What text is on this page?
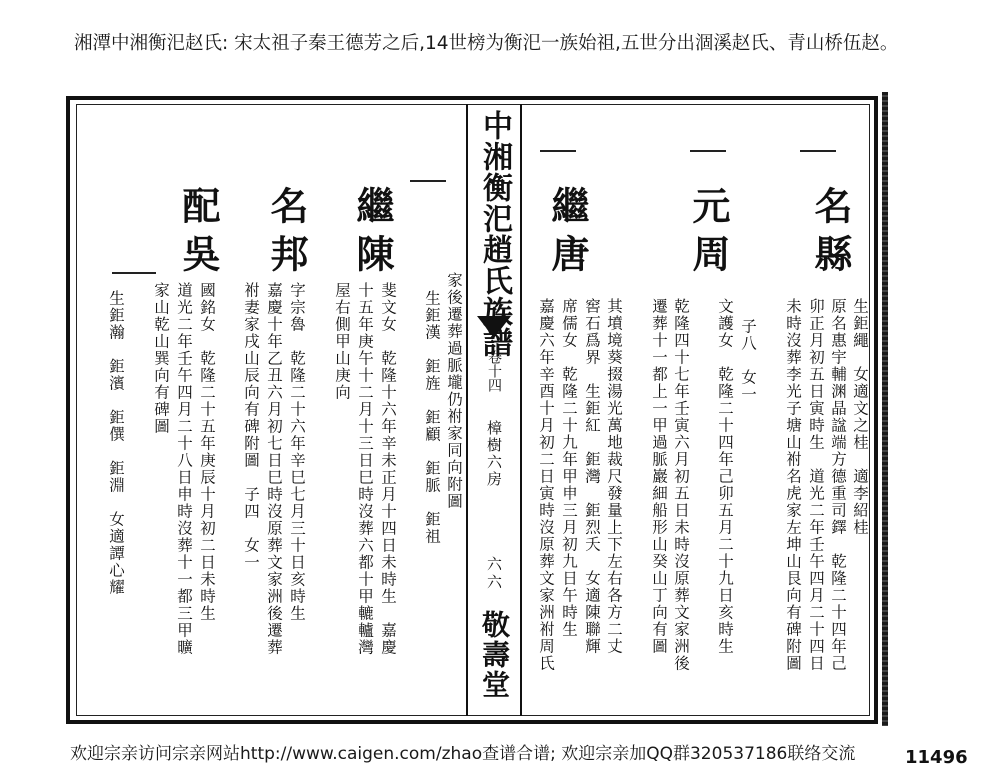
湘潭中湘衡汜赵氏: 宋太祖子秦王德芳之后,14世榜为衡汜一族始祖,五世分出涸溪赵氏、青山桥伍赵。
中湘衡汜趙氏族譜
卷十四
樟樹六房
六六
敬壽堂
名縣
元周
繼唐
生鉅繩　女適文之桂　適李紹桂
原名惠宇輔渊晶諡端方德重司鐸　乾隆二十四年己
卯正月初五日寅時生　道光二年壬午四月二十四日
未時沒葬李光子塘山祔名虎家左坤山艮向有碑附圖
子八　女一
文護女　乾隆二十四年己卯五月二十九日亥時生
乾隆四十七年壬寅六月初五日未時沒原葬文家洲後
遷葬十一都上一甲過脈巖細船形山癸山丁向有圖
其墳境葵掇湯光萬地裁尺發量上下左右各方二丈
窖石爲界　生鉅紅　鉅灣　鉅烈夭　女適陳聯輝
席儒女　乾隆二十九年甲申三月初九日午時生
嘉慶六年辛酉十月初二日寅時沒原葬文家洲祔周氏
繼陳
名邦
配吳
家後遷葬過脈壠仍祔家同向附圖
生鉅漢　鉅旌　鉅顧　鉅脈　鉅祖
斐文女　乾隆十六年辛未正月十四日未時生　嘉慶
十五年庚午十二月十三日巳時沒葬六都十甲轆轤灣
屋右側甲山庚向
字宗魯　乾隆二十六年辛巳七月三十日亥時生
嘉慶十年乙丑六月初七日巳時沒原葬文家洲後遷葬
祔妻家戌山辰向有碑附圖　子四　女一
國銘女　乾隆二十五年庚辰十月初二日未時生
道光二年壬午四月二十八日申時沒葬十一都三甲曠
家山乾山巽向有碑圖
生鉅瀚　鉅濱　鉅僎　鉅淵　女適譚心耀
欢迎宗亲访问宗亲网站http://www.caigen.com/zhao查谱合谱; 欢迎宗亲加QQ群320537186联络交流	11496
